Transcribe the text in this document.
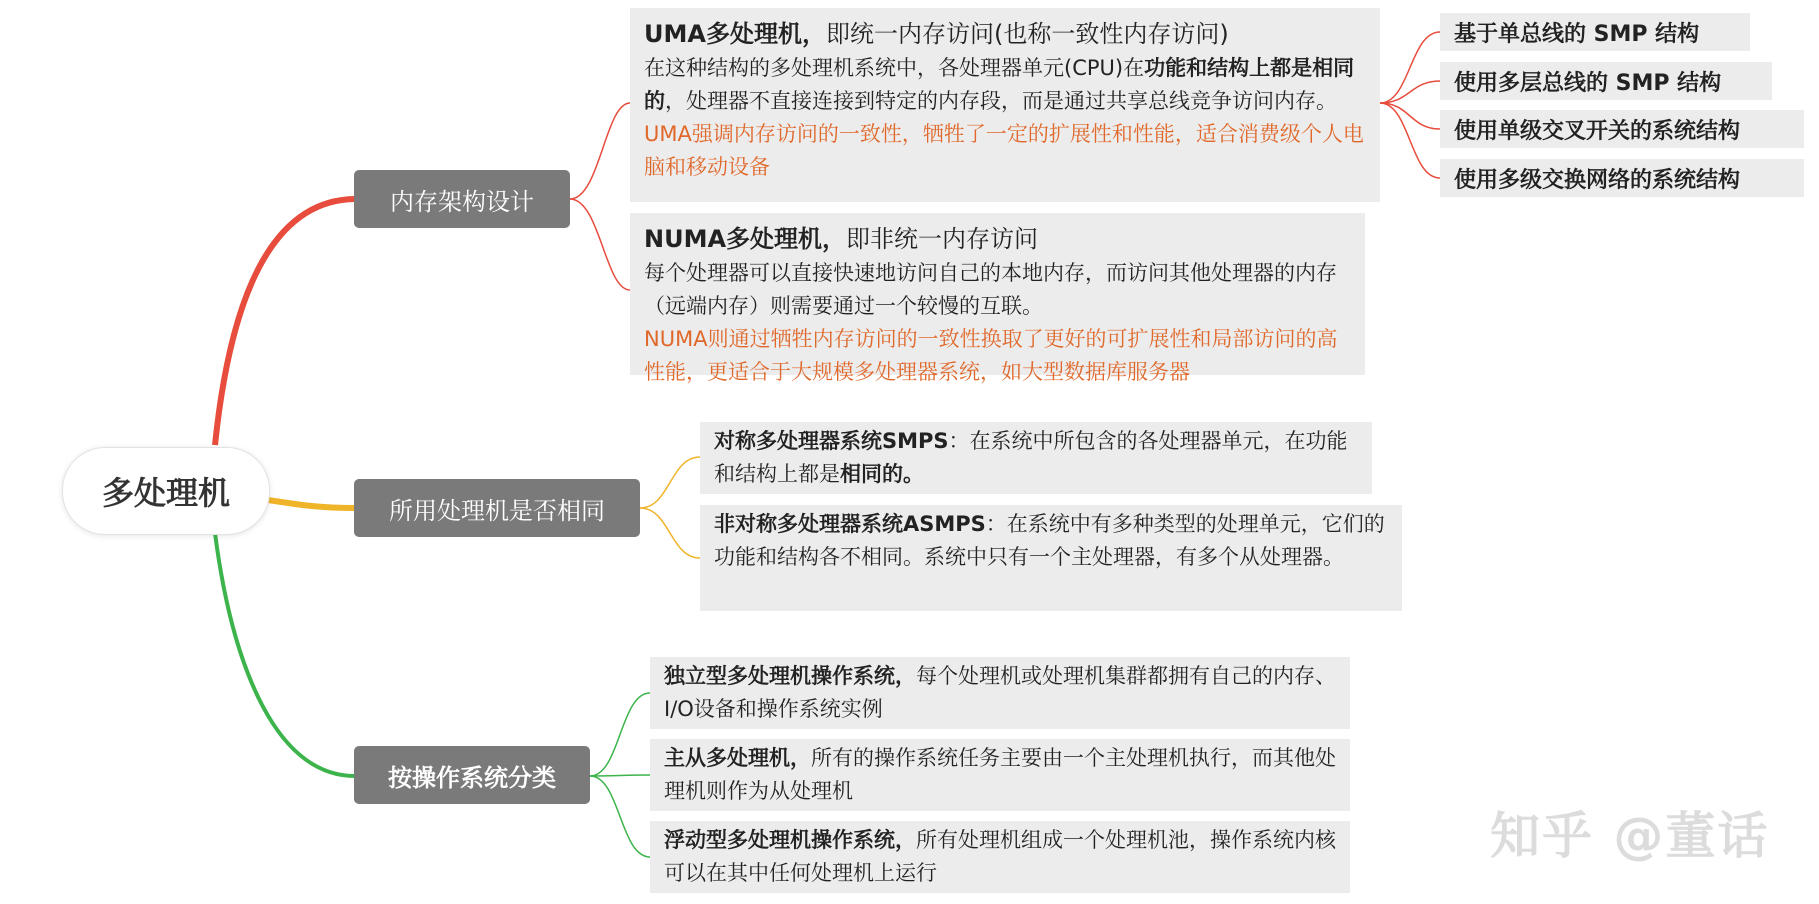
多处理机
内存架构设计
所用处理机是否相同
按操作系统分类
UMA多处理机，即统一内存访问(也称一致性内存访问)
在这种结构的多处理机系统中，各处理器单元(CPU)在功能和结构上都是相同的，处理器不直接连接到特定的内存段，而是通过共享总线竞争访问内存。
UMA强调内存访问的一致性，牺牲了一定的扩展性和性能，适合消费级个人电脑和移动设备
NUMA多处理机，即非统一内存访问
每个处理器可以直接快速地访问自己的本地内存，而访问其他处理器的内存（远端内存）则需要通过一个较慢的互联。
NUMA则通过牺牲内存访问的一致性换取了更好的可扩展性和局部访问的高性能，更适合于大规模多处理器系统，如大型数据库服务器
基于单总线的 SMP 结构
使用多层总线的 SMP 结构
使用单级交叉开关的系统结构
使用多级交换网络的系统结构
对称多处理器系统SMPS：在系统中所包含的各处理器单元，在功能和结构上都是相同的。
非对称多处理器系统ASMPS：在系统中有多种类型的处理单元，它们的功能和结构各不相同。系统中只有一个主处理器，有多个从处理器。
独立型多处理机操作系统，每个处理机或处理机集群都拥有自己的内存、I/O设备和操作系统实例
主从多处理机，所有的操作系统任务主要由一个主处理机执行，而其他处理机则作为从处理机
浮动型多处理机操作系统，所有处理机组成一个处理机池，操作系统内核可以在其中任何处理机上运行
知乎 @董话
